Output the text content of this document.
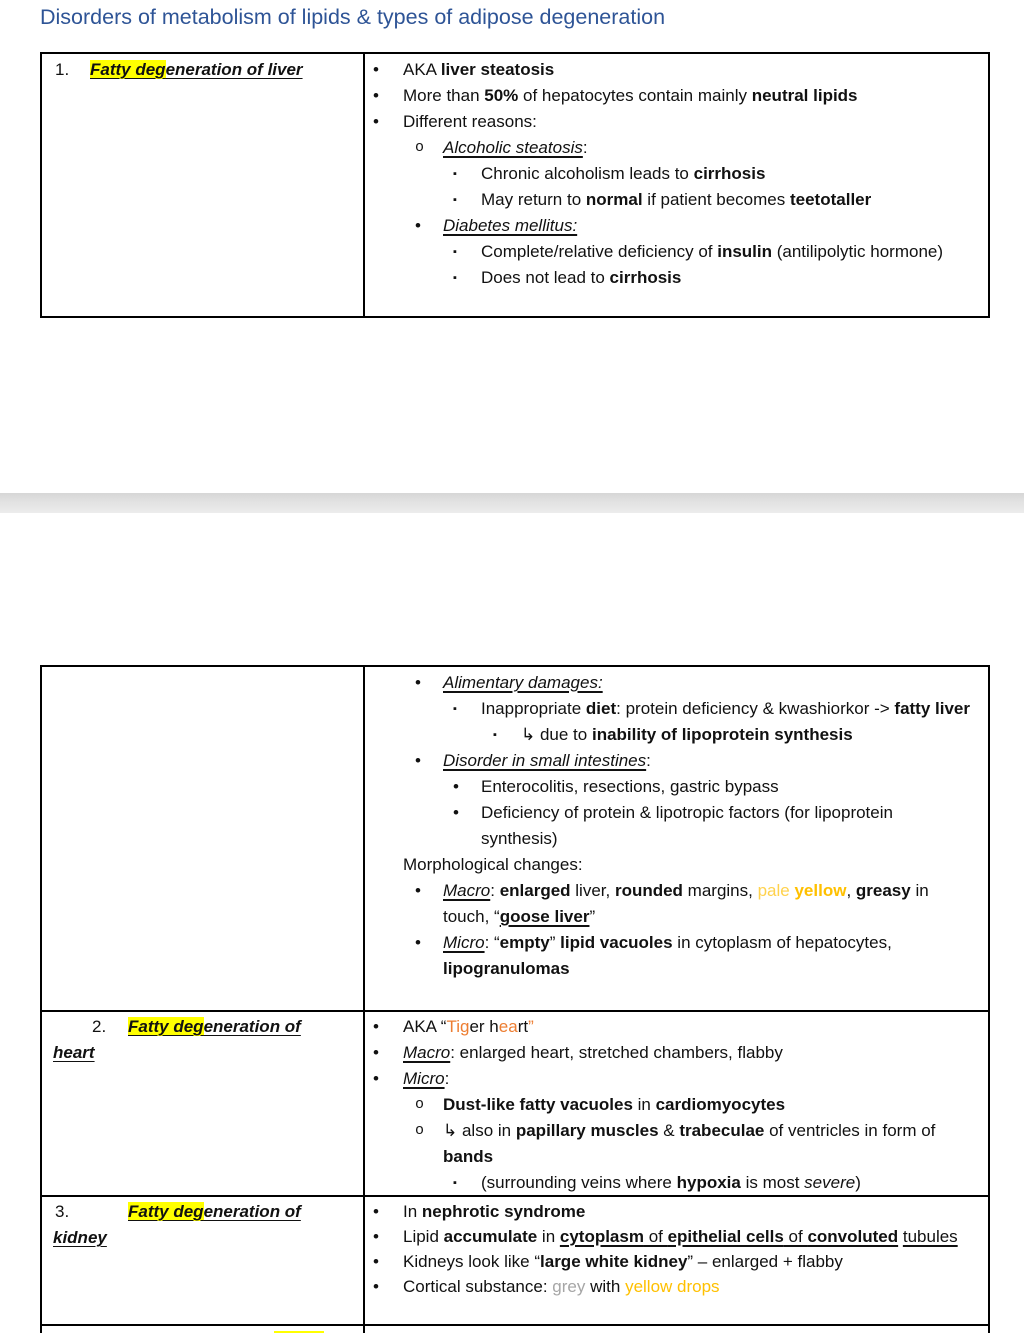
Disorders of metabolism of lipids & types of adipose degeneration
1. Fatty degeneration of liver	• AKA liver steatosis
• More than 50% of hepatocytes contain mainly neutral lipids
• Different reasons:
o Alcoholic steatosis:
▪ Chronic alcoholism leads to cirrhosis
▪ May return to normal if patient becomes teetotaller
• Diabetes mellitus:
▪ Complete/relative deficiency of insulin (antilipolytic hormone)
▪ Does not lead to cirrhosis
• Alimentary damages:
▪ Inappropriate diet: protein deficiency & kwashiorkor -> fatty liver
▪ ↳ due to inability of lipoprotein synthesis
• Disorder in small intestines:
• Enterocolitis, resections, gastric bypass
• Deficiency of protein & lipotropic factors (for lipoprotein synthesis)
Morphological changes:
• Macro: enlarged liver, rounded margins, pale yellow, greasy in touch, “goose liver”
• Micro: “empty” lipid vacuoles in cytoplasm of hepatocytes, lipogranulomas
2. Fatty degeneration of
heart
• AKA “Tiger heart”
• Macro: enlarged heart, stretched chambers, flabby
• Micro:
o Dust-like fatty vacuoles in cardiomyocytes
o ↳ also in papillary muscles & trabeculae of ventricles in form of bands
▪ (surrounding veins where hypoxia is most severe)
3.	Fatty degeneration of
kidney
• In nephrotic syndrome
• Lipid accumulate in cytoplasm of epithelial cells of convoluted tubules
• Kidneys look like “large white kidney” – enlarged + flabby
• Cortical substance: grey with yellow drops
